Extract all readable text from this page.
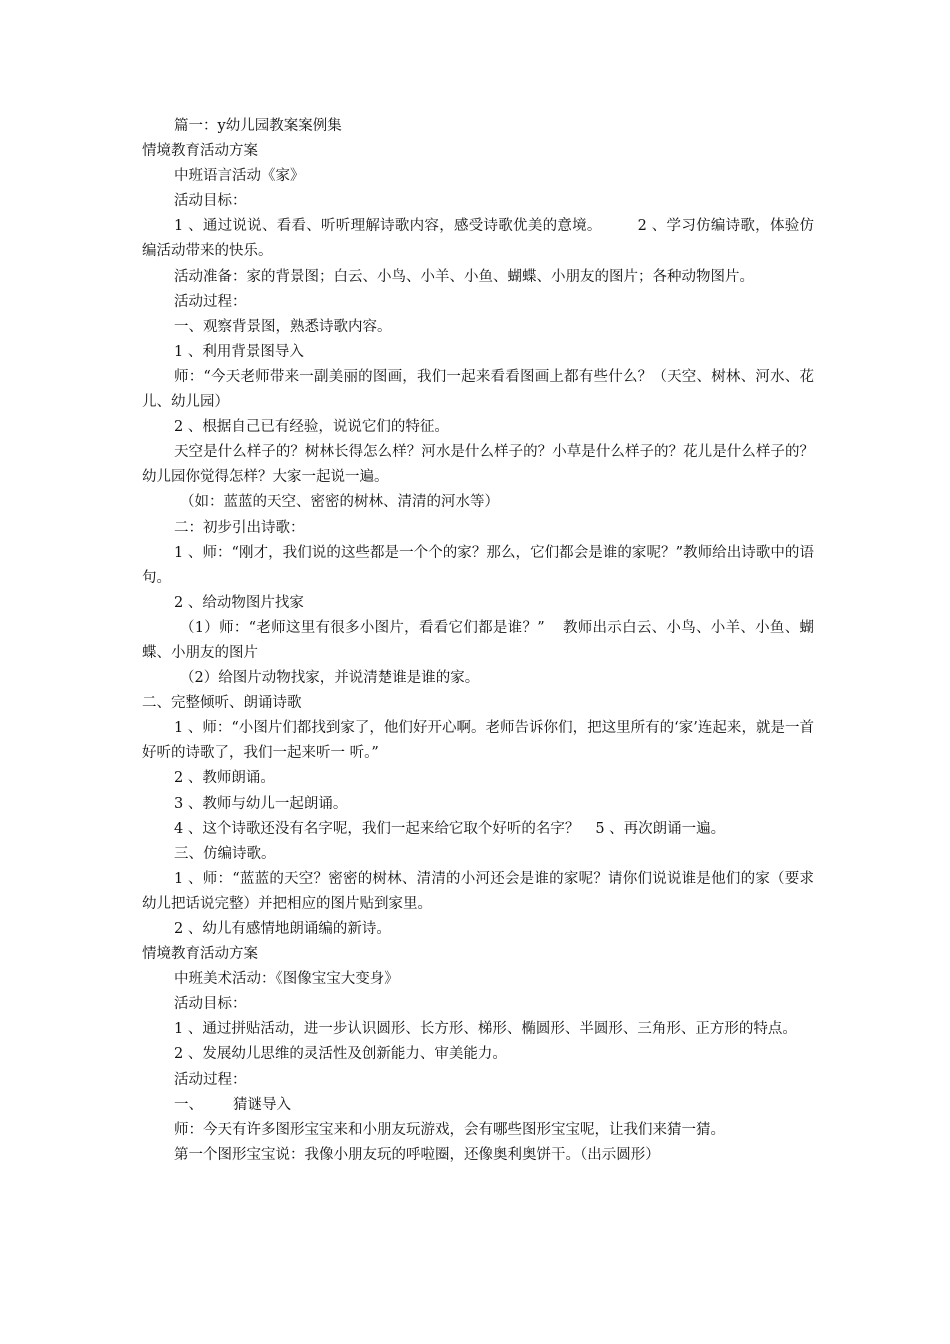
篇一：y幼儿园教案案例集

情境教育活动方案

中班语言活动《家》

活动目标：

1 、通过说说、看看、听听理解诗歌内容，感受诗歌优美的意境。 2 、学习仿编诗歌，体验仿编活动带来的快乐。

活动准备：家的背景图；白云、小鸟、小羊、小鱼、蝴蝶、小朋友的图片；各种动物图片。

活动过程：

一、观察背景图，熟悉诗歌内容。

1 、利用背景图导入

师：“今天老师带来一副美丽的图画，我们一起来看看图画上都有些什么？（天空、树林、河水、花儿、幼儿园）

2 、根据自己已有经验，说说它们的特征。

天空是什么样子的？树林长得怎么样？河水是什么样子的？小草是什么样子的？花儿是什么样子的？幼儿园你觉得怎样？大家一起说一遍。

（如：蓝蓝的天空、密密的树林、清清的河水等）

二：初步引出诗歌：

1 、师：“刚才，我们说的这些都是一个个的家？那么，它们都会是谁的家呢？”教师给出诗歌中的语句。

2 、给动物图片找家

（1）师：“老师这里有很多小图片，看看它们都是谁？” 教师出示白云、小鸟、小羊、小鱼、蝴蝶、小朋友的图片

（2）给图片动物找家，并说清楚谁是谁的家。

二、完整倾听、朗诵诗歌

1 、师：“小图片们都找到家了，他们好开心啊。老师告诉你们，把这里所有的‘家’连起来，就是一首好听的诗歌了，我们一起来听一 听。”

2 、教师朗诵。

3 、教师与幼儿一起朗诵。

4 、这个诗歌还没有名字呢，我们一起来给它取个好听的名字？ 5 、再次朗诵一遍。

三、仿编诗歌。

1 、师：“蓝蓝的天空？密密的树林、清清的小河还会是谁的家呢？请你们说说谁是他们的家（要求幼儿把话说完整）并把相应的图片贴到家里。

2 、幼儿有感情地朗诵编的新诗。

情境教育活动方案

中班美术活动：《图像宝宝大变身》

活动目标：

1 、通过拼贴活动，进一步认识圆形、长方形、梯形、椭圆形、半圆形、三角形、正方形的特点。

2 、发展幼儿思维的灵活性及创新能力、审美能力。

活动过程：

一、 猜谜导入

师：今天有许多图形宝宝来和小朋友玩游戏，会有哪些图形宝宝呢，让我们来猜一猜。

第一个图形宝宝说：我像小朋友玩的呼啦圈，还像奥利奥饼干。（出示圆形）
